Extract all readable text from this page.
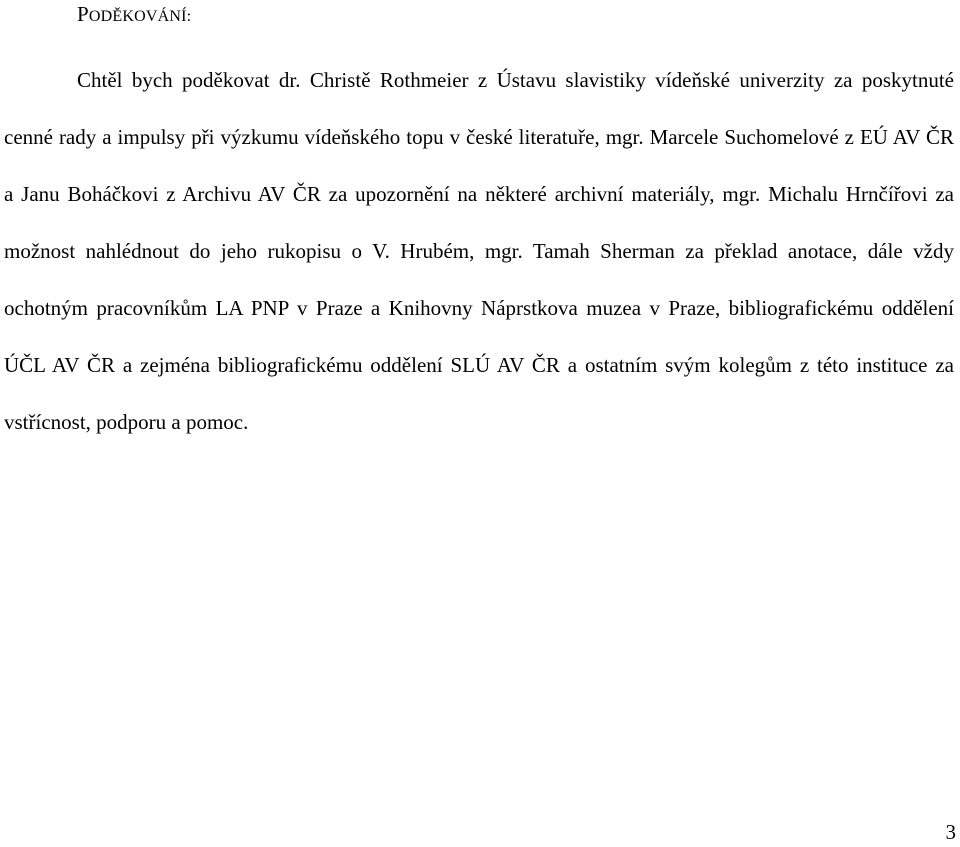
PODĚKOVÁNÍ:

Chtěl bych poděkovat dr. Christě Rothmeier z Ústavu slavistiky vídeňské univerzity za poskytnuté cenné rady a impulsy při výzkumu vídeňského topu v české literatuře, mgr. Marcele Suchomelové z EÚ AV ČR a Janu Boháčkovi z Archivu AV ČR za upozornění na některé archivní materiály, mgr. Michalu Hrnčířovi za možnost nahlédnout do jeho rukopisu o V. Hrubém, mgr. Tamah Sherman za překlad anotace, dále vždy ochotným pracovníkům LA PNP v Praze a Knihovny Náprstkova muzea v Praze, bibliografickému oddělení ÚČL AV ČR a zejména bibliografickému oddělení SLÚ AV ČR a ostatním svým kolegům z této instituce za vstřícnost, podporu a pomoc.

3
